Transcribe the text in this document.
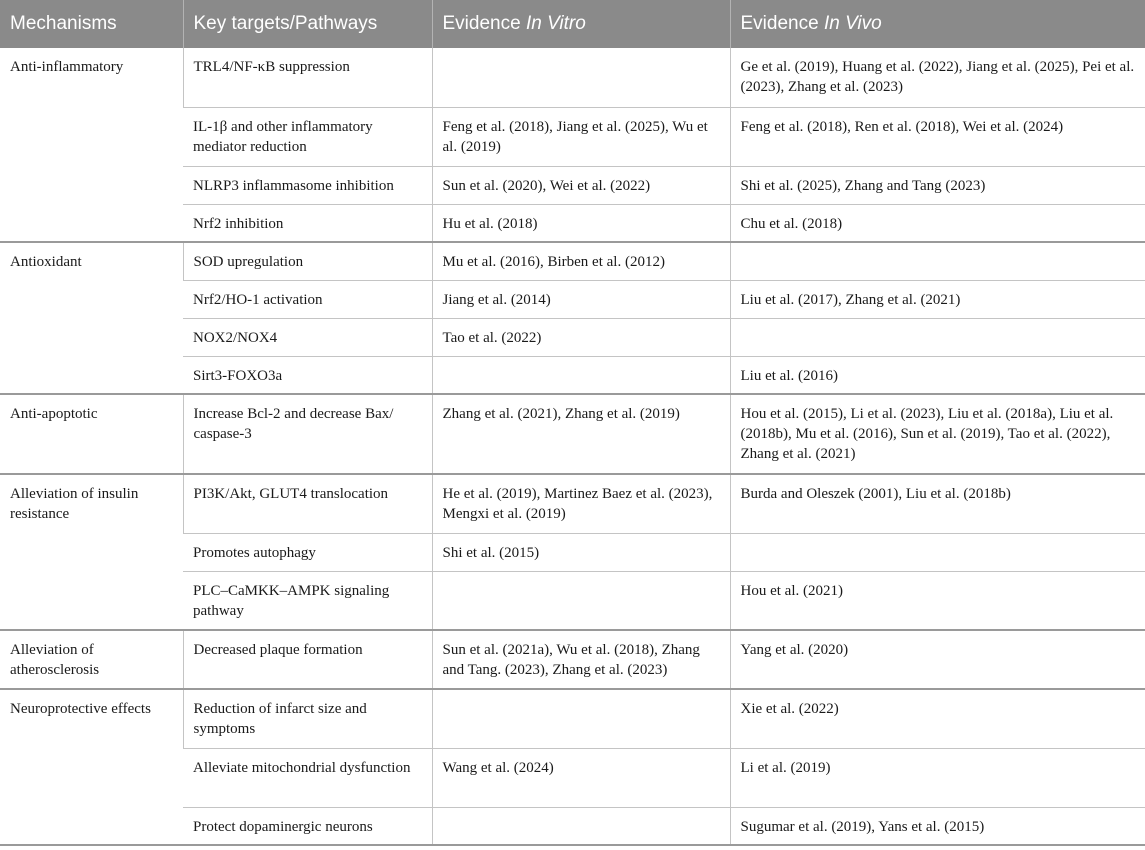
Mechanisms	Key targets/Pathways	Evidence In Vitro	Evidence In Vivo
Anti-inflammatory	TRL4/NF-κB suppression		Ge et al. (2019), Huang et al. (2022), Jiang et al. (2025), Pei et al. (2023), Zhang et al. (2023)
	IL-1β and other inflammatory mediator reduction	Feng et al. (2018), Jiang et al. (2025), Wu et al. (2019)	Feng et al. (2018), Ren et al. (2018), Wei et al. (2024)
	NLRP3 inflammasome inhibition	Sun et al. (2020), Wei et al. (2022)	Shi et al. (2025), Zhang and Tang (2023)
	Nrf2 inhibition	Hu et al. (2018)	Chu et al. (2018)
Antioxidant	SOD upregulation	Mu et al. (2016), Birben et al. (2012)	
	Nrf2/HO-1 activation	Jiang et al. (2014)	Liu et al. (2017), Zhang et al. (2021)
	NOX2/NOX4	Tao et al. (2022)	
	Sirt3-FOXO3a		Liu et al. (2016)
Anti-apoptotic	Increase Bcl-2 and decrease Bax/ caspase-3	Zhang et al. (2021), Zhang et al. (2019)	Hou et al. (2015), Li et al. (2023), Liu et al. (2018a), Liu et al. (2018b), Mu et al. (2016), Sun et al. (2019), Tao et al. (2022), Zhang et al. (2021)
Alleviation of insulin resistance	PI3K/Akt, GLUT4 translocation	He et al. (2019), Martinez Baez et al. (2023), Mengxi et al. (2019)	Burda and Oleszek (2001), Liu et al. (2018b)
	Promotes autophagy	Shi et al. (2015)	
	PLC–CaMKK–AMPK signaling pathway		Hou et al. (2021)
Alleviation of atherosclerosis	Decreased plaque formation	Sun et al. (2021a), Wu et al. (2018), Zhang and Tang. (2023), Zhang et al. (2023)	Yang et al. (2020)
Neuroprotective effects	Reduction of infarct size and symptoms		Xie et al. (2022)
	Alleviate mitochondrial dysfunction	Wang et al. (2024)	Li et al. (2019)
	Protect dopaminergic neurons		Sugumar et al. (2019), Yans et al. (2015)
